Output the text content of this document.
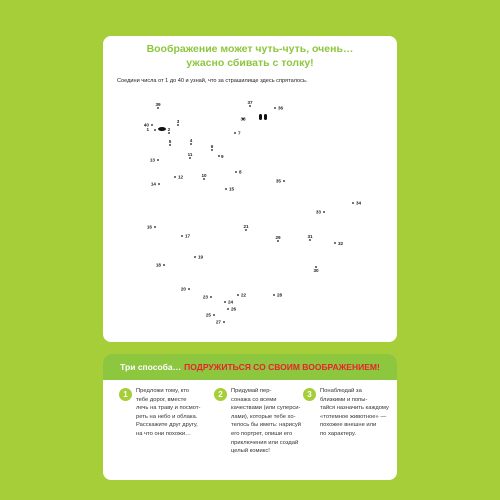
Воображение может чуть-чуть, очень…
ужасно сбивать с толку!
Соедини числа от 1 до 40 и узнай, что за страшилище здесь спряталось.
1	2
3
4
5
6
7
8
9
10
11
12
13
14
15
16
17
18
19
20
21
22
23
24
25
26
27
28
29
30
31
32
33
34
35
36
37
38
39
40
Три способа… ПОДРУЖИТЬСЯ СО СВОИМ ВООБРАЖЕНИЕМ!
1	Предложи тому, кто
тебе дорог, вместе
лечь на траву и посмот-
реть на небо и облака.
Расскажите друг другу,
на что они похожи…
2	Придумай пер-
сонажа со всеми
качествами (или суперси-
лами), которые тебе хо-
телось бы иметь: нарисуй
его портрет, опиши его
приключения или создай
целый комикс!
3	Понаблюдай за
близкими и попы-
тайся назначить каждому
«тотемное животное» —
похожее внешне или
по характеру.
